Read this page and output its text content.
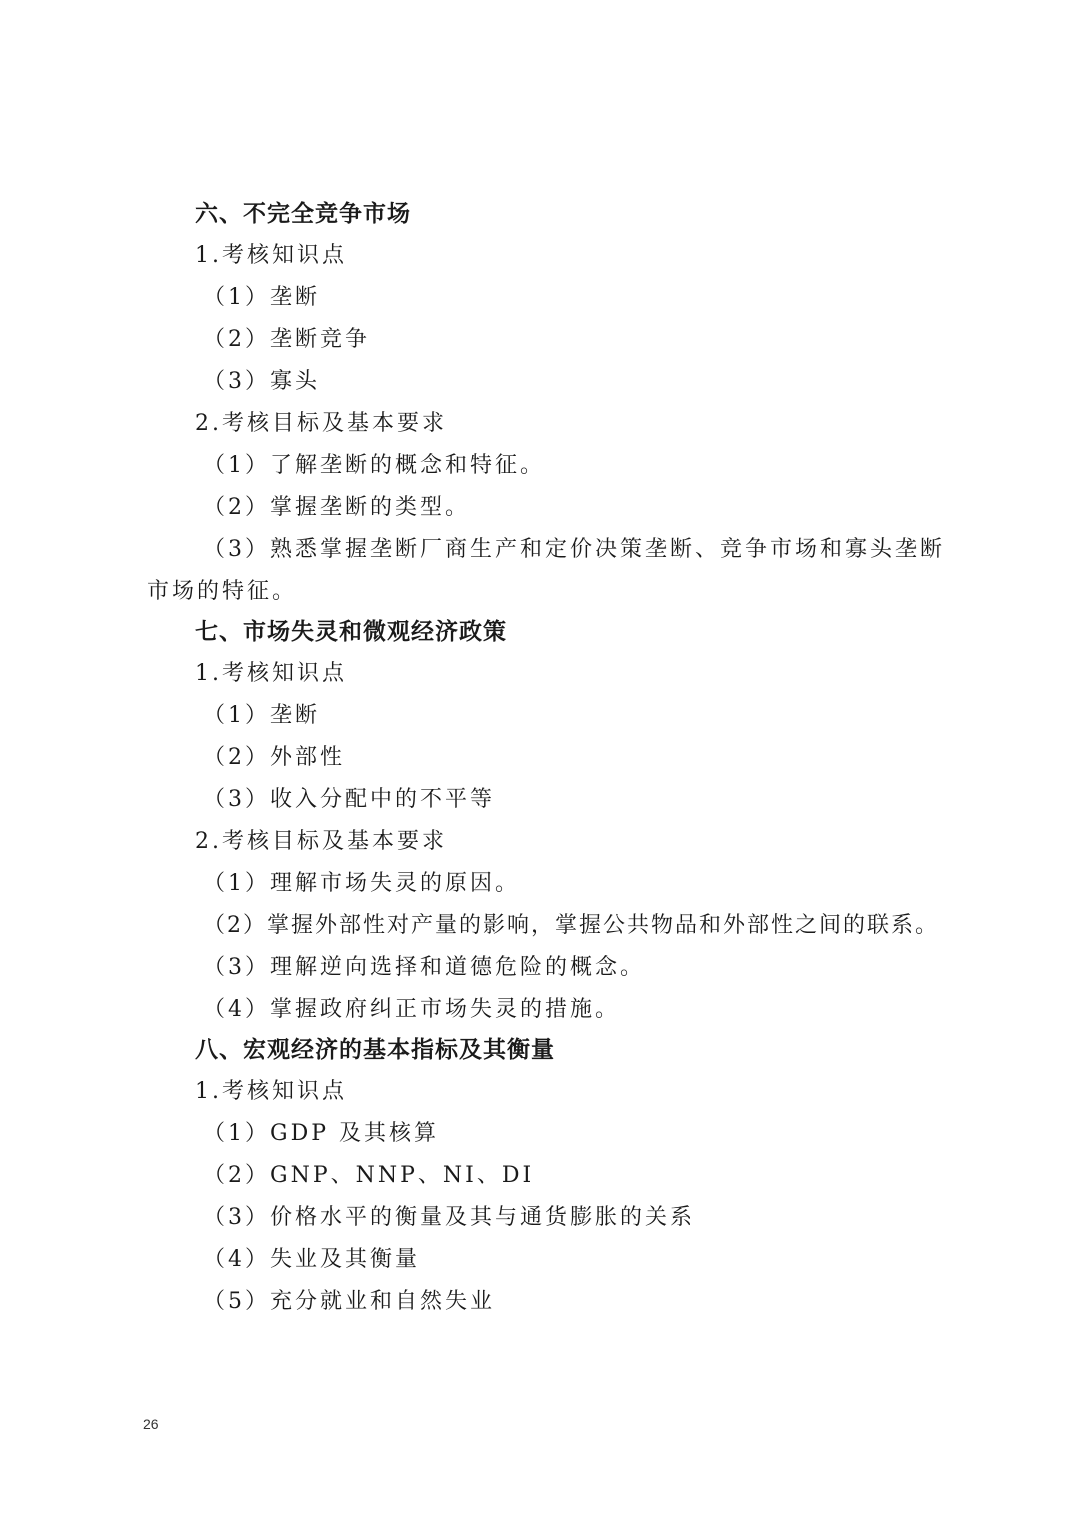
六、不完全竞争市场
1.考核知识点
（1）垄断
（2）垄断竞争
（3）寡头
2.考核目标及基本要求
（1）了解垄断的概念和特征。
（2）掌握垄断的类型。
（3）熟悉掌握垄断厂商生产和定价决策垄断、竞争市场和寡头垄断
市场的特征。
七、市场失灵和微观经济政策
1.考核知识点
（1）垄断
（2）外部性
（3）收入分配中的不平等
2.考核目标及基本要求
（1）理解市场失灵的原因。
（2）掌握外部性对产量的影响，掌握公共物品和外部性之间的联系。
（3）理解逆向选择和道德危险的概念。
（4）掌握政府纠正市场失灵的措施。
八、宏观经济的基本指标及其衡量
1.考核知识点
（1）GDP 及其核算
（2）GNP、NNP、NI、DI
（3）价格水平的衡量及其与通货膨胀的关系
（4）失业及其衡量
（5）充分就业和自然失业
26
